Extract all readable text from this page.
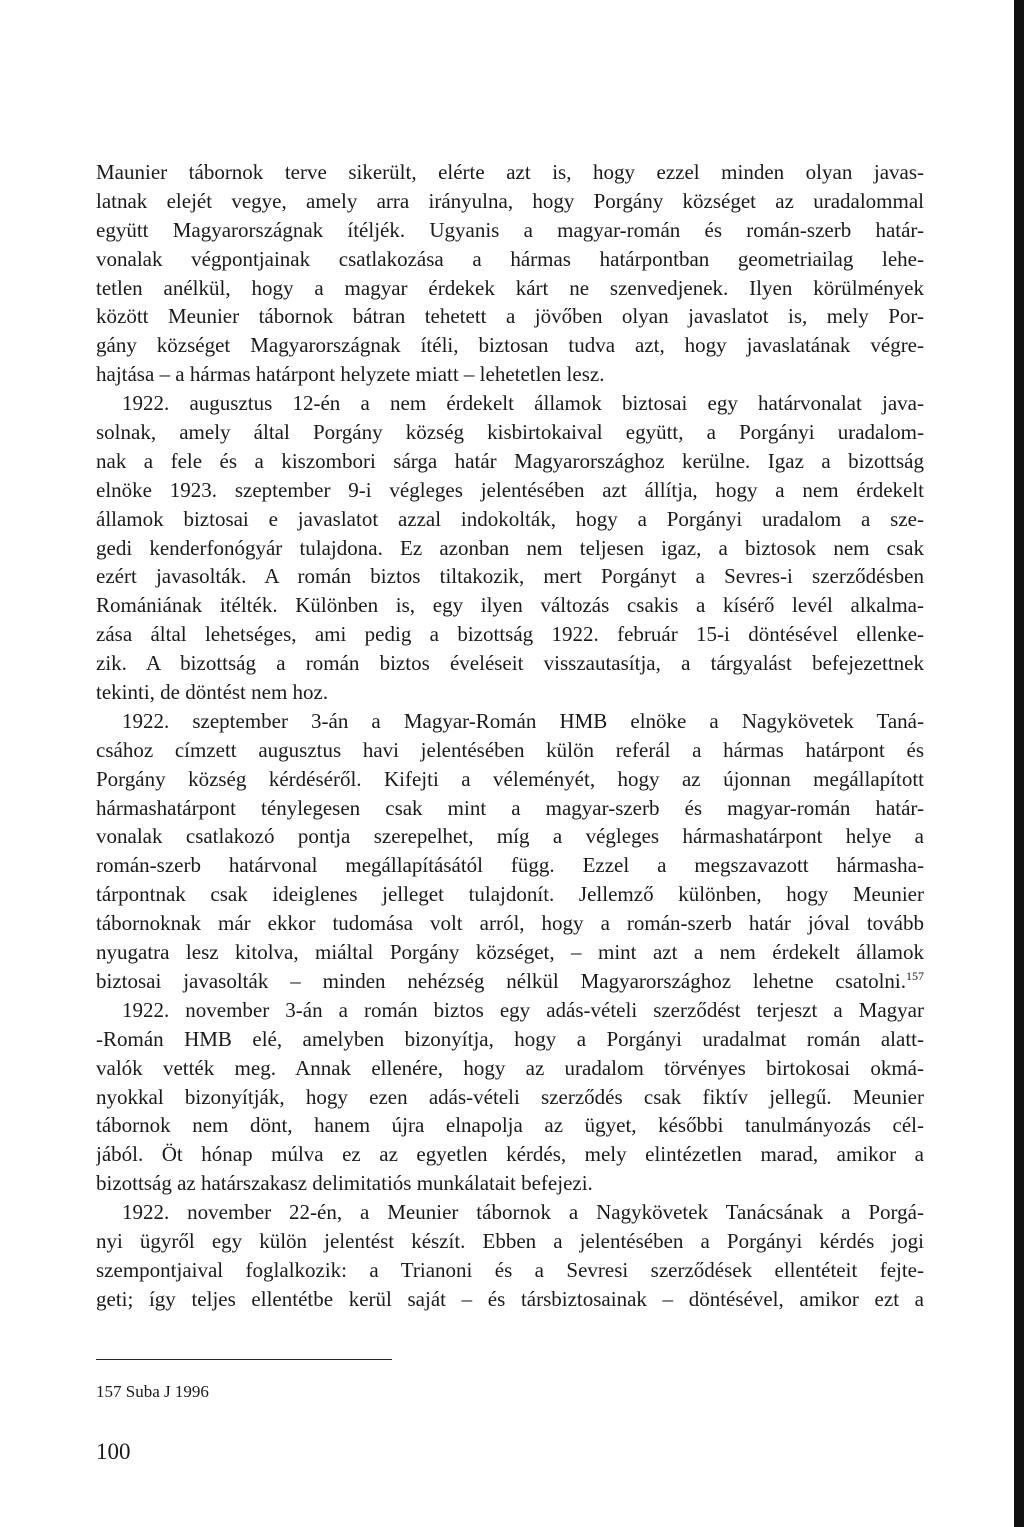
Maunier tábornok terve sikerült, elérte azt is, hogy ezzel minden olyan javas-
latnak elejét vegye, amely arra irányulna, hogy Porgány községet az uradalommal
együtt Magyarországnak ítéljék. Ugyanis a magyar-román és román-szerb határ-
vonalak végpontjainak csatlakozása a hármas határpontban geometriailag lehe-
tetlen anélkül, hogy a magyar érdekek kárt ne szenvedjenek. Ilyen körülmények
között Meunier tábornok bátran tehetett a jövőben olyan javaslatot is, mely Por-
gány községet Magyarországnak ítéli, biztosan tudva azt, hogy javaslatának végre-
hajtása – a hármas határpont helyzete miatt – lehetetlen lesz.
1922. augusztus 12-én a nem érdekelt államok biztosai egy határvonalat java-
solnak, amely által Porgány község kisbirtokaival együtt, a Porgányi uradalom-
nak a fele és a kiszombori sárga határ Magyarországhoz kerülne. Igaz a bizottság
elnöke 1923. szeptember 9-i végleges jelentésében azt állítja, hogy a nem érdekelt
államok biztosai e javaslatot azzal indokolták, hogy a Porgányi uradalom a sze-
gedi kenderfonógyár tulajdona. Ez azonban nem teljesen igaz, a biztosok nem csak
ezért javasolták. A román biztos tiltakozik, mert Porgányt a Sevres-i szerződésben
Romániának itélték. Különben is, egy ilyen változás csakis a kísérő levél alkalma-
zása által lehetséges, ami pedig a bizottság 1922. február 15-i döntésével ellenke-
zik. A bizottság a román biztos éveléseit visszautasítja, a tárgyalást befejezettnek
tekinti, de döntést nem hoz.
1922. szeptember 3-án a Magyar-Román HMB elnöke a Nagykövetek Taná-
csához címzett augusztus havi jelentésében külön referál a hármas határpont és
Porgány község kérdéséről. Kifejti a véleményét, hogy az újonnan megállapított
hármashatárpont ténylegesen csak mint a magyar-szerb és magyar-román határ-
vonalak csatlakozó pontja szerepelhet, míg a végleges hármashatárpont helye a
román-szerb határvonal megállapításától függ. Ezzel a megszavazott hármasha-
tárpontnak csak ideiglenes jelleget tulajdonít. Jellemző különben, hogy Meunier
tábornoknak már ekkor tudomása volt arról, hogy a román-szerb határ jóval tovább
nyugatra lesz kitolva, miáltal Porgány községet, – mint azt a nem érdekelt államok
biztosai javasolták – minden nehézség nélkül Magyarországhoz lehetne csatolni.$^{157}$
1922. november 3-án a román biztos egy adás-vételi szerződést terjeszt a Magyar
-Román HMB elé, amelyben bizonyítja, hogy a Porgányi uradalmat román alatt-
valók vették meg. Annak ellenére, hogy az uradalom törvényes birtokosai okmá-
nyokkal bizonyítják, hogy ezen adás-vételi szerződés csak fiktív jellegű. Meunier
tábornok nem dönt, hanem újra elnapolja az ügyet, későbbi tanulmányozás cél-
jából. Öt hónap múlva ez az egyetlen kérdés, mely elintézetlen marad, amikor a
bizottság az határszakasz delimitatiós munkálatait befejezi.
1922. november 22-én, a Meunier tábornok a Nagykövetek Tanácsának a Porgá-
nyi ügyről egy külön jelentést készít. Ebben a jelentésében a Porgányi kérdés jogi
szempontjaival foglalkozik: a Trianoni és a Sevresi szerződések ellentéteit fejte-
geti; így teljes ellentétbe kerül saját – és társbiztosainak – döntésével, amikor ezt a
157 Suba J 1996
100
